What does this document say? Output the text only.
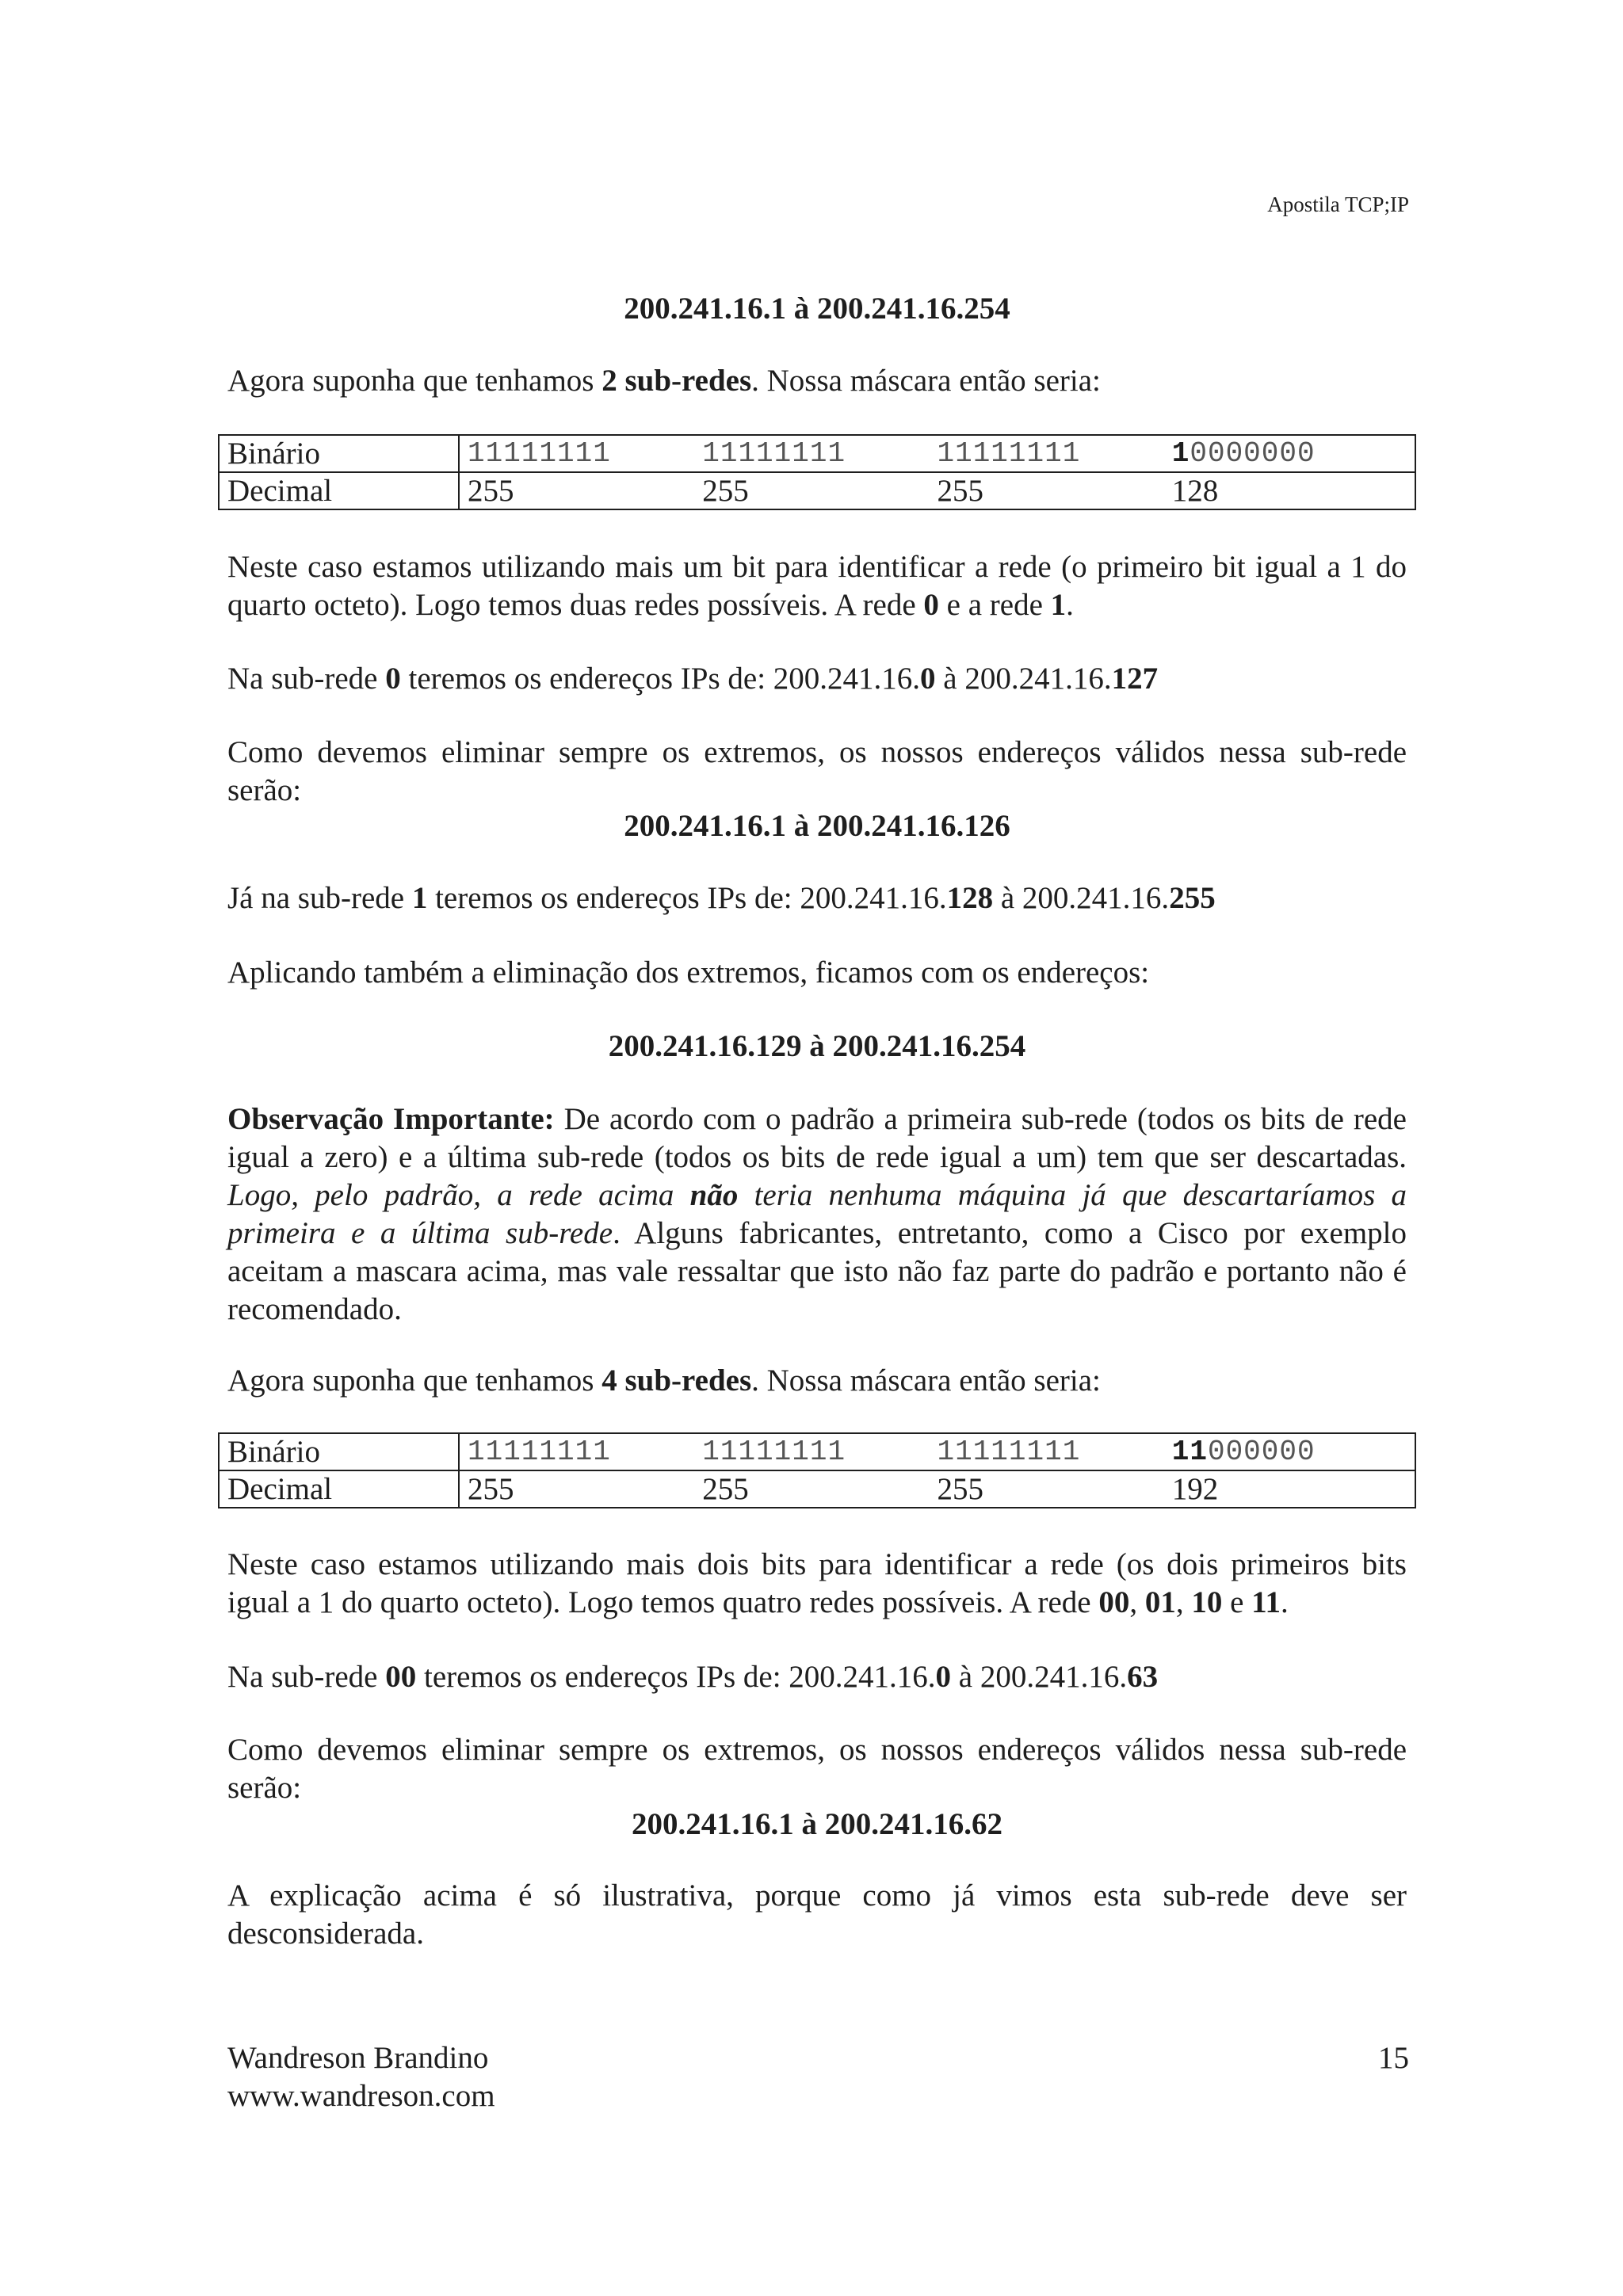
Apostila TCP;IP
200.241.16.1 à 200.241.16.254

Agora suponha que tenhamos 2 sub-redes. Nossa máscara então seria:

Binário	11111111 11111111 11111111 10000000

Decimal	255 255 255 128

Neste caso estamos utilizando mais um bit para identificar a rede (o primeiro bit igual a 1 do quarto octeto). Logo temos duas redes possíveis. A rede 0 e a rede 1.

Na sub-rede 0 teremos os endereços IPs de: 200.241.16.0 à 200.241.16.127

Como devemos eliminar sempre os extremos, os nossos endereços válidos nessa sub-rede serão:

200.241.16.1 à 200.241.16.126

Já na sub-rede 1 teremos os endereços IPs de: 200.241.16.128 à 200.241.16.255

Aplicando também a eliminação dos extremos, ficamos com os endereços:

200.241.16.129 à 200.241.16.254

Observação Importante: De acordo com o padrão a primeira sub-rede (todos os bits de rede igual a zero) e a última sub-rede (todos os bits de rede igual a um) tem que ser descartadas. Logo, pelo padrão, a rede acima não teria nenhuma máquina já que descartaríamos a primeira e a última sub-rede. Alguns fabricantes, entretanto, como a Cisco por exemplo aceitam a mascara acima, mas vale ressaltar que isto não faz parte do padrão e portanto não é recomendado.

Agora suponha que tenhamos 4 sub-redes. Nossa máscara então seria:

Binário	11111111 11111111 11111111 11000000

Decimal	255 255 255 192

Neste caso estamos utilizando mais dois bits para identificar a rede (os dois primeiros bits igual a 1 do quarto octeto). Logo temos quatro redes possíveis. A rede 00, 01, 10 e 11.

Na sub-rede 00 teremos os endereços IPs de: 200.241.16.0 à 200.241.16.63

Como devemos eliminar sempre os extremos, os nossos endereços válidos nessa sub-rede serão:

200.241.16.1 à 200.241.16.62

A explicação acima é só ilustrativa, porque como já vimos esta sub-rede deve ser desconsiderada.

Wandreson Brandino
www.wandreson.com
15
